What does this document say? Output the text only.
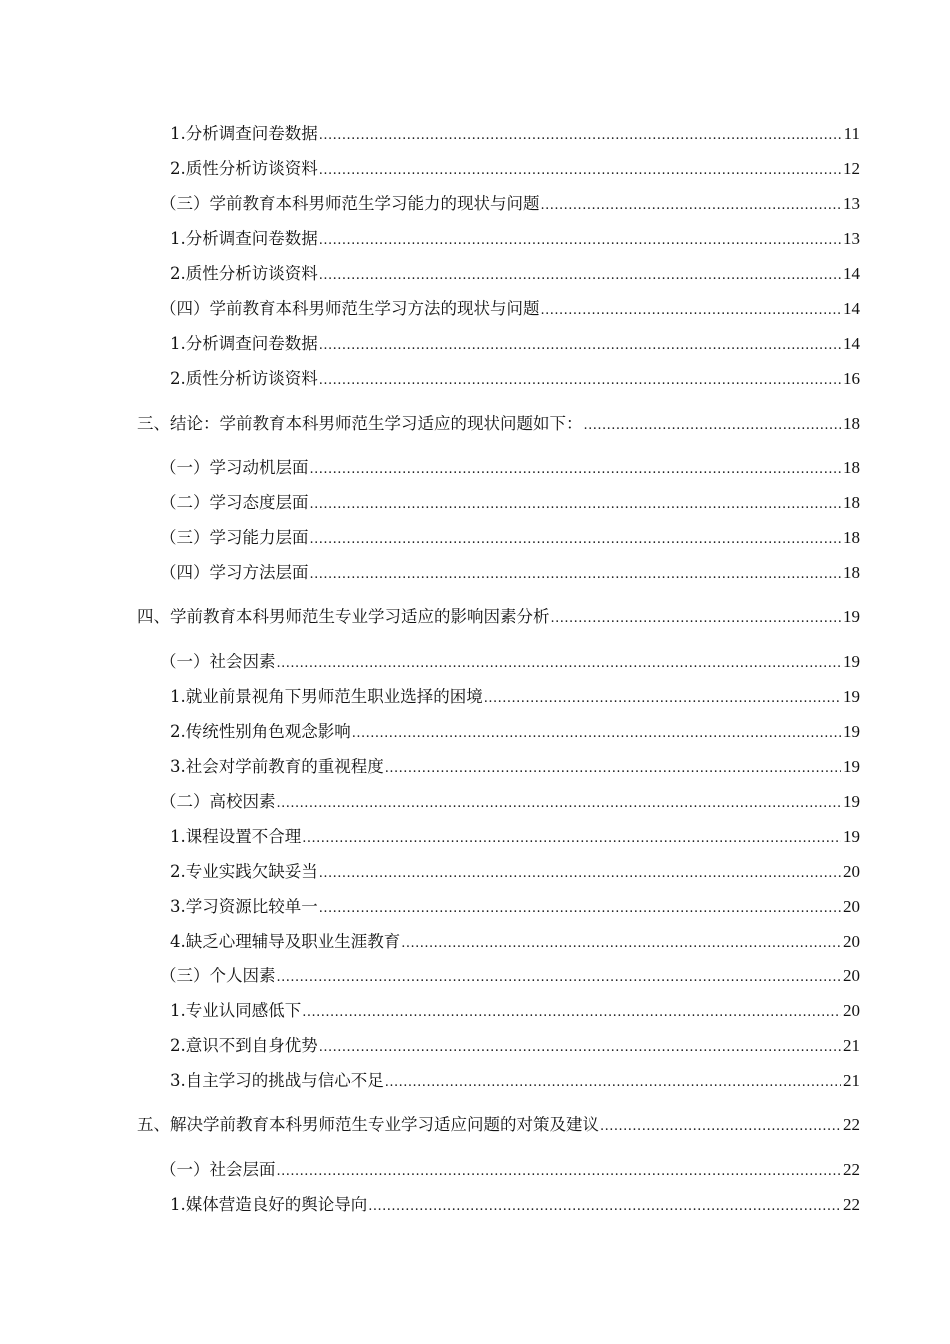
1.分析调查问卷数据 .....	11
2.质性分析访谈资料 .....	12
（三）学前教育本科男师范生学习能力的现状与问题 .....	13
1.分析调查问卷数据 .....	13
2.质性分析访谈资料 .....	14
（四）学前教育本科男师范生学习方法的现状与问题 .....	14
1.分析调查问卷数据 .....	14
2.质性分析访谈资料 .....	16
三、结论：学前教育本科男师范生学习适应的现状问题如下： .....	18
（一）学习动机层面 .....	18
（二）学习态度层面 .....	18
（三）学习能力层面 .....	18
（四）学习方法层面 .....	18
四、学前教育本科男师范生专业学习适应的影响因素分析 .....	19
（一）社会因素 .....	19
1.就业前景视角下男师范生职业选择的困境 .....	19
2.传统性别角色观念影响 .....	19
3.社会对学前教育的重视程度 .....	19
（二）高校因素 .....	19
1.课程设置不合理 .....	19
2.专业实践欠缺妥当 .....	20
3.学习资源比较单一 .....	20
4.缺乏心理辅导及职业生涯教育 .....	20
（三）个人因素 .....	20
1.专业认同感低下 .....	20
2.意识不到自身优势 .....	21
3.自主学习的挑战与信心不足 .....	21
五、解决学前教育本科男师范生专业学习适应问题的对策及建议 .....	22
（一）社会层面 .....	22
1.媒体营造良好的舆论导向 .....	22
